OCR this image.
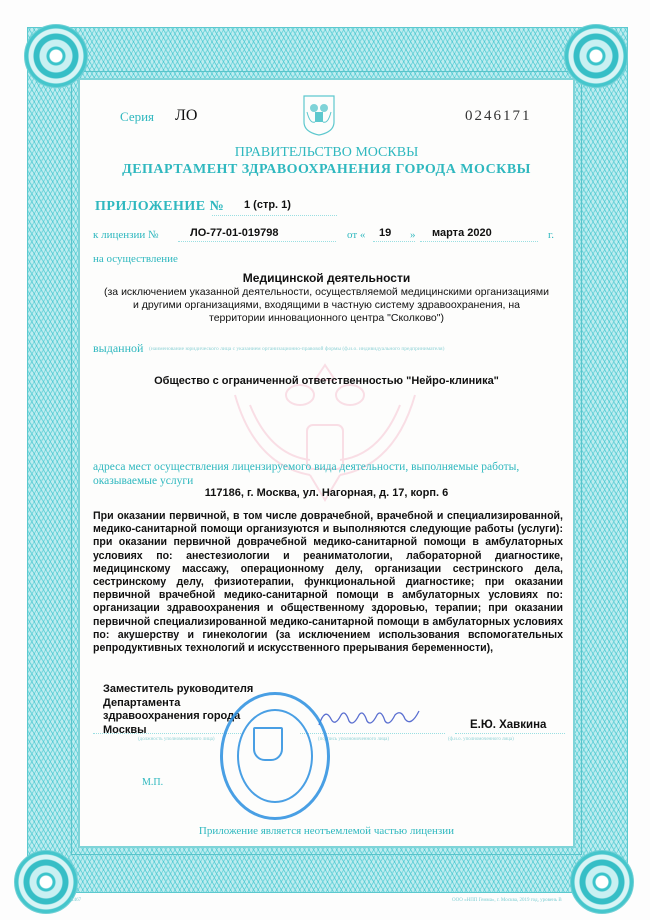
Серия ЛО	0246171
ПРАВИТЕЛЬСТВО МОСКВЫ
ДЕПАРТАМЕНТ ЗДРАВООХРАНЕНИЯ ГОРОДА МОСКВЫ
ПРИЛОЖЕНИЕ № 1 (стр. 1)
к лицензии №	ЛО-77-01-019798	от « 19 » марта 2020	г.
на осуществление
Медицинской деятельности
(за исключением указанной деятельности, осуществляемой медицинскими организациями
и другими организациями, входящими в частную систему здравоохранения, на
территории инновационного центра "Сколково")
выданной (наименование юридического лица с указанием организационно-правовой формы (ф.и.о. индивидуального предпринимателя)
Общество с ограниченной ответственностью "Нейро-клиника"
адреса мест осуществления лицензируемого вида деятельности, выполняемые работы,
оказываемые услуги
117186, г. Москва, ул. Нагорная, д. 17, корп. 6
При оказании первичной, в том числе доврачебной, врачебной и специализированной, медико-санитарной помощи организуются и выполняются следующие работы (услуги): при оказании первичной доврачебной медико-санитарной помощи в амбулаторных условиях по: анестезиологии и реаниматологии, лабораторной диагностике, медицинскому массажу, операционному делу, организации сестринского дела, сестринскому делу, физиотерапии, функциональной диагностике; при оказании первичной врачебной медико-санитарной помощи в амбулаторных условиях по: организации здравоохранения и общественному здоровью, терапии; при оказании первичной специализированной медико-санитарной помощи в амбулаторных условиях по: акушерству и гинекологии (за исключением использования вспомогательных репродуктивных технологий и искусственного прерывания беременности),
Заместитель руководителя
Департамента
здравоохранения города
Москвы
(должность уполномоченного лица)	(подпись уполномоченного лица)	(ф.и.о. уполномоченного лица)
Е.Ю. Хавкина
М.П.
Приложение является неотъемлемой частью лицензии
А467	ООО «НПП Гемма», г. Москва, 2019 год, уровень В
